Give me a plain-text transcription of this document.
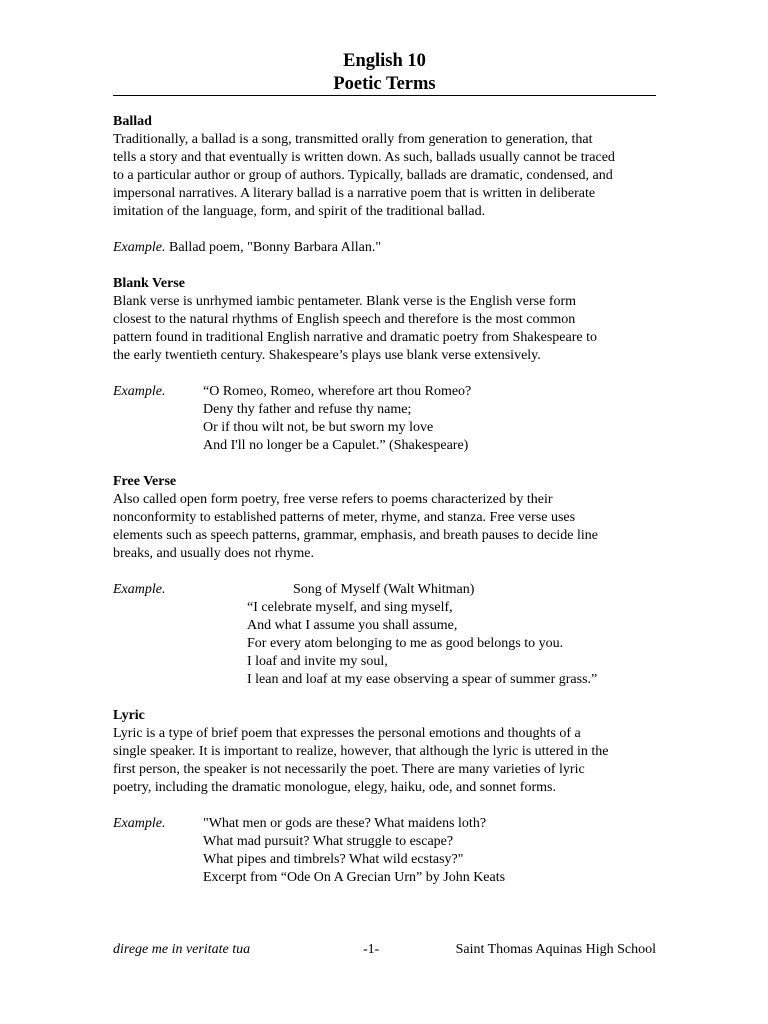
English 10
Poetic Terms
Ballad

Traditionally, a ballad is a song, transmitted orally from generation to generation, that

tells a story and that eventually is written down. As such, ballads usually cannot be traced

to a particular author or group of authors. Typically, ballads are dramatic, condensed, and

impersonal narratives. A literary ballad is a narrative poem that is written in deliberate

imitation of the language, form, and spirit of the traditional ballad.

Example. Ballad poem, "Bonny Barbara Allan."

Blank Verse

Blank verse is unrhymed iambic pentameter. Blank verse is the English verse form

closest to the natural rhythms of English speech and therefore is the most common

pattern found in traditional English narrative and dramatic poetry from Shakespeare to

the early twentieth century. Shakespeare’s plays use blank verse extensively.

Example.	“O Romeo, Romeo, wherefore art thou Romeo?
Deny thy father and refuse thy name;
Or if thou wilt not, be but sworn my love
And I'll no longer be a Capulet.” (Shakespeare)
Free Verse

Also called open form poetry, free verse refers to poems characterized by their

nonconformity to established patterns of meter, rhyme, and stanza. Free verse uses

elements such as speech patterns, grammar, emphasis, and breath pauses to decide line

breaks, and usually does not rhyme.

Example.	Song of Myself (Walt Whitman)
“I celebrate myself, and sing myself,
And what I assume you shall assume,
For every atom belonging to me as good belongs to you.
I loaf and invite my soul,
I lean and loaf at my ease observing a spear of summer grass.”
Lyric

Lyric is a type of brief poem that expresses the personal emotions and thoughts of a

single speaker. It is important to realize, however, that although the lyric is uttered in the

first person, the speaker is not necessarily the poet. There are many varieties of lyric

poetry, including the dramatic monologue, elegy, haiku, ode, and sonnet forms.

Example.	"What men or gods are these? What maidens loth?
What mad pursuit? What struggle to escape?
What pipes and timbrels? What wild ecstasy?"
Excerpt from “Ode On A Grecian Urn” by John Keats
direge me in veritate tua	-1-	Saint Thomas Aquinas High School
